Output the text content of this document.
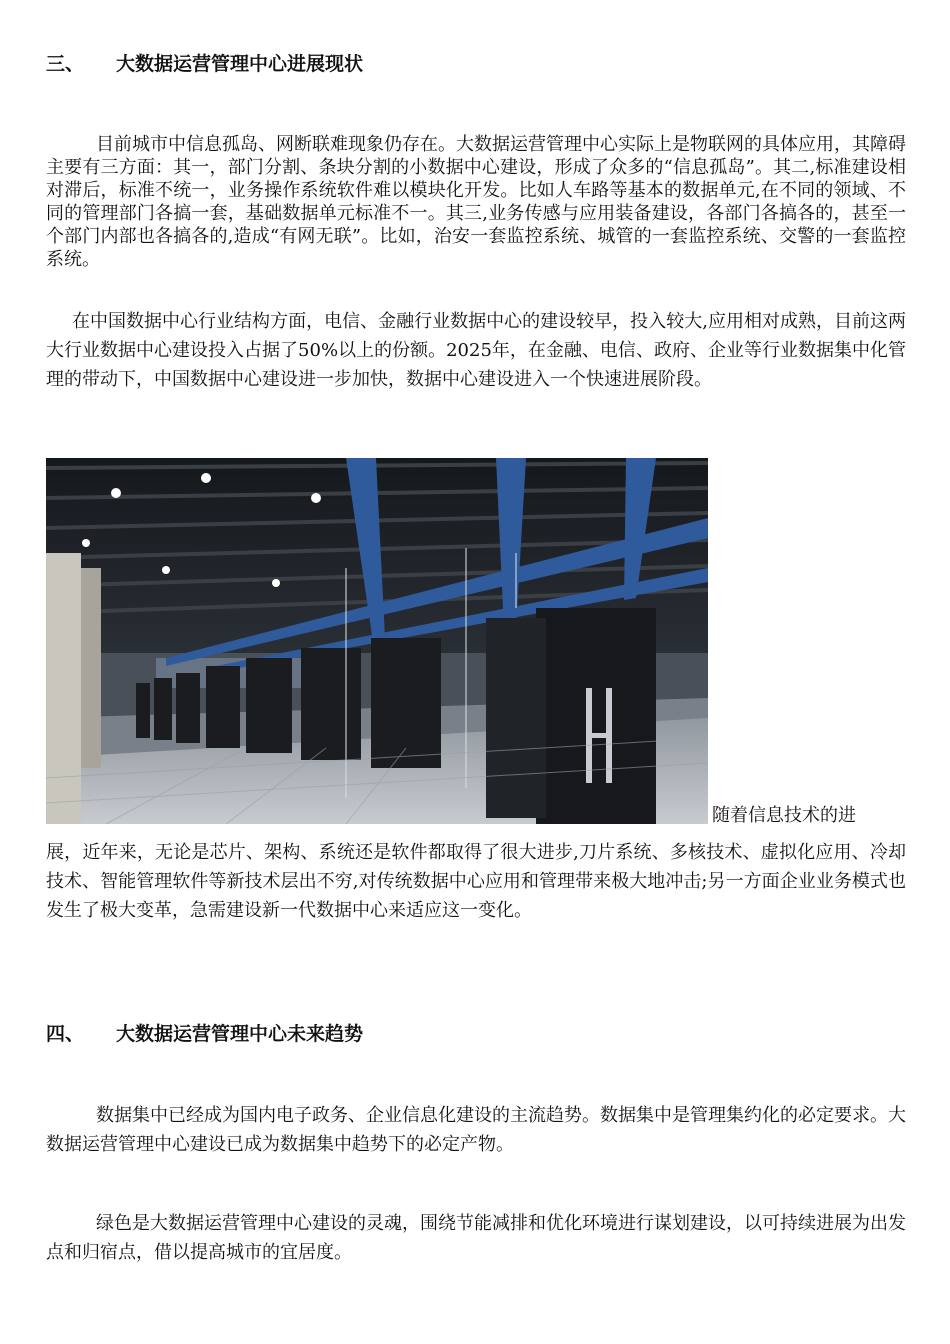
三、 大数据运营管理中心进展现状

目前城市中信息孤岛、网断联难现象仍存在。大数据运营管理中心实际上是物联网的具体应用，其障碍主要有三方面：其一，部门分割、条块分割的小数据中心建设，形成了众多的“信息孤岛”。其二,标准建设相对滞后，标准不统一，业务操作系统软件难以模块化开发。比如人车路等基本的数据单元,在不同的领域、不同的管理部门各搞一套，基础数据单元标准不一。其三,业务传感与应用装备建设，各部门各搞各的，甚至一个部门内部也各搞各的,造成“有网无联”。比如，治安一套监控系统、城管的一套监控系统、交警的一套监控系统。

在中国数据中心行业结构方面，电信、金融行业数据中心的建设较早，投入较大,应用相对成熟，目前这两大行业数据中心建设投入占据了50%以上的份额。2025年，在金融、电信、政府、企业等行业数据集中化管理的带动下，中国数据中心建设进一步加快，数据中心建设进入一个快速进展阶段。

随着信息技术的进

展，近年来，无论是芯片、架构、系统还是软件都取得了很大进步,刀片系统、多核技术、虚拟化应用、冷却技术、智能管理软件等新技术层出不穷,对传统数据中心应用和管理带来极大地冲击;另一方面企业业务模式也发生了极大变革，急需建设新一代数据中心来适应这一变化。

四、 大数据运营管理中心未来趋势

数据集中已经成为国内电子政务、企业信息化建设的主流趋势。数据集中是管理集约化的必定要求。大数据运营管理中心建设已成为数据集中趋势下的必定产物。

绿色是大数据运营管理中心建设的灵魂，围绕节能减排和优化环境进行谋划建设，以可持续进展为出发点和归宿点，借以提高城市的宜居度。
